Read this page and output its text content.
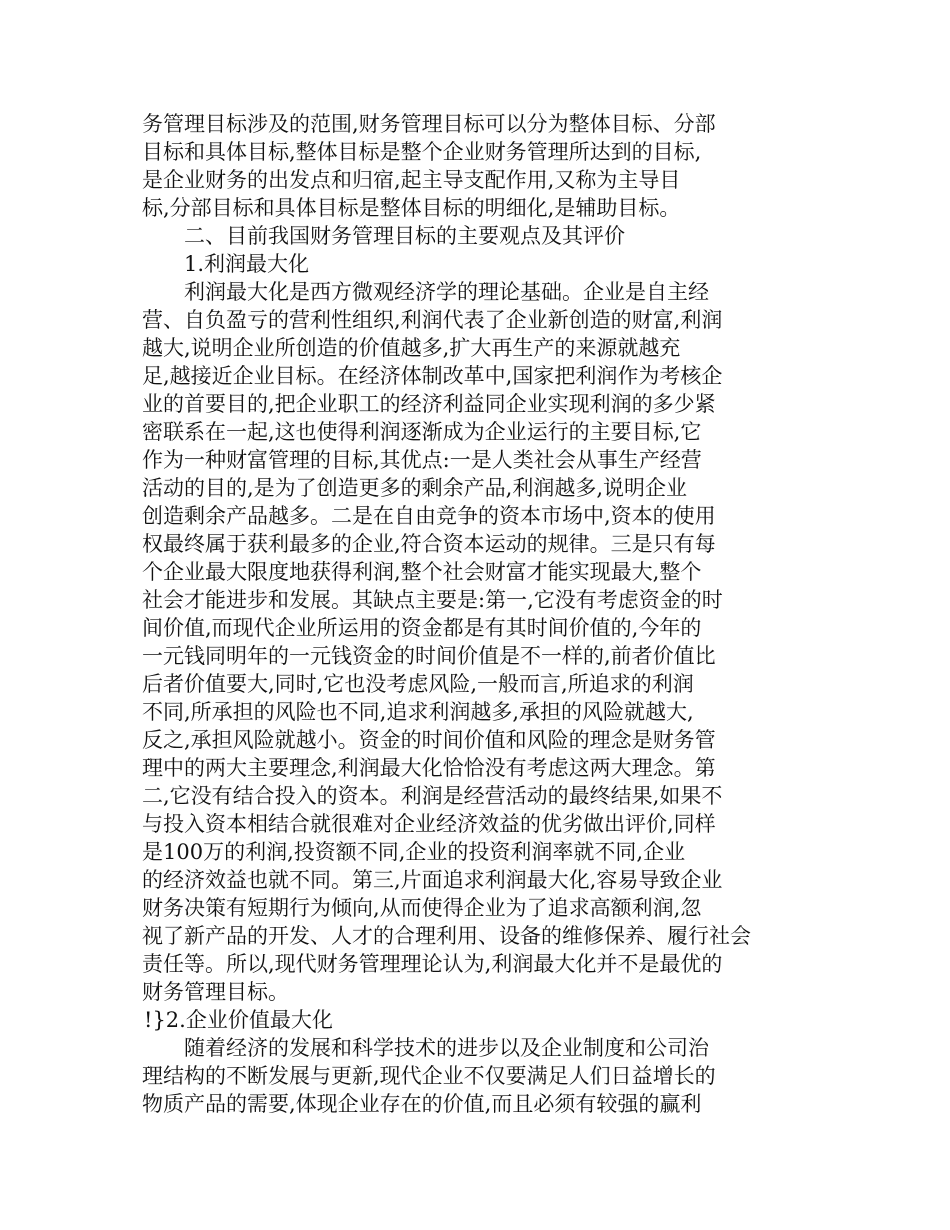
务管理目标涉及的范围,财务管理目标可以分为整体目标、分部
目标和具体目标,整体目标是整个企业财务管理所达到的目标,
是企业财务的出发点和归宿,起主导支配作用,又称为主导目
标,分部目标和具体目标是整体目标的明细化,是辅助目标。
二、目前我国财务管理目标的主要观点及其评价
1.利润最大化
利润最大化是西方微观经济学的理论基础。企业是自主经
营、自负盈亏的营利性组织,利润代表了企业新创造的财富,利润
越大,说明企业所创造的价值越多,扩大再生产的来源就越充
足,越接近企业目标。在经济体制改革中,国家把利润作为考核企
业的首要目的,把企业职工的经济利益同企业实现利润的多少紧
密联系在一起,这也使得利润逐渐成为企业运行的主要目标,它
作为一种财富管理的目标,其优点:一是人类社会从事生产经营
活动的目的,是为了创造更多的剩余产品,利润越多,说明企业
创造剩余产品越多。二是在自由竞争的资本市场中,资本的使用
权最终属于获利最多的企业,符合资本运动的规律。三是只有每
个企业最大限度地获得利润,整个社会财富才能实现最大,整个
社会才能进步和发展。其缺点主要是:第一,它没有考虑资金的时
间价值,而现代企业所运用的资金都是有其时间价值的,今年的
一元钱同明年的一元钱资金的时间价值是不一样的,前者价值比
后者价值要大,同时,它也没考虑风险,一般而言,所追求的利润
不同,所承担的风险也不同,追求利润越多,承担的风险就越大,
反之,承担风险就越小。资金的时间价值和风险的理念是财务管
理中的两大主要理念,利润最大化恰恰没有考虑这两大理念。第
二,它没有结合投入的资本。利润是经营活动的最终结果,如果不
与投入资本相结合就很难对企业经济效益的优劣做出评价,同样
是100万的利润,投资额不同,企业的投资利润率就不同,企业
的经济效益也就不同。第三,片面追求利润最大化,容易导致企业
财务决策有短期行为倾向,从而使得企业为了追求高额利润,忽
视了新产品的开发、人才的合理利用、设备的维修保养、履行社会
责任等。所以,现代财务管理理论认为,利润最大化并不是最优的
财务管理目标。
!}2.企业价值最大化
随着经济的发展和科学技术的进步以及企业制度和公司治
理结构的不断发展与更新,现代企业不仅要满足人们日益增长的
物质产品的需要,体现企业存在的价值,而且必须有较强的赢利
